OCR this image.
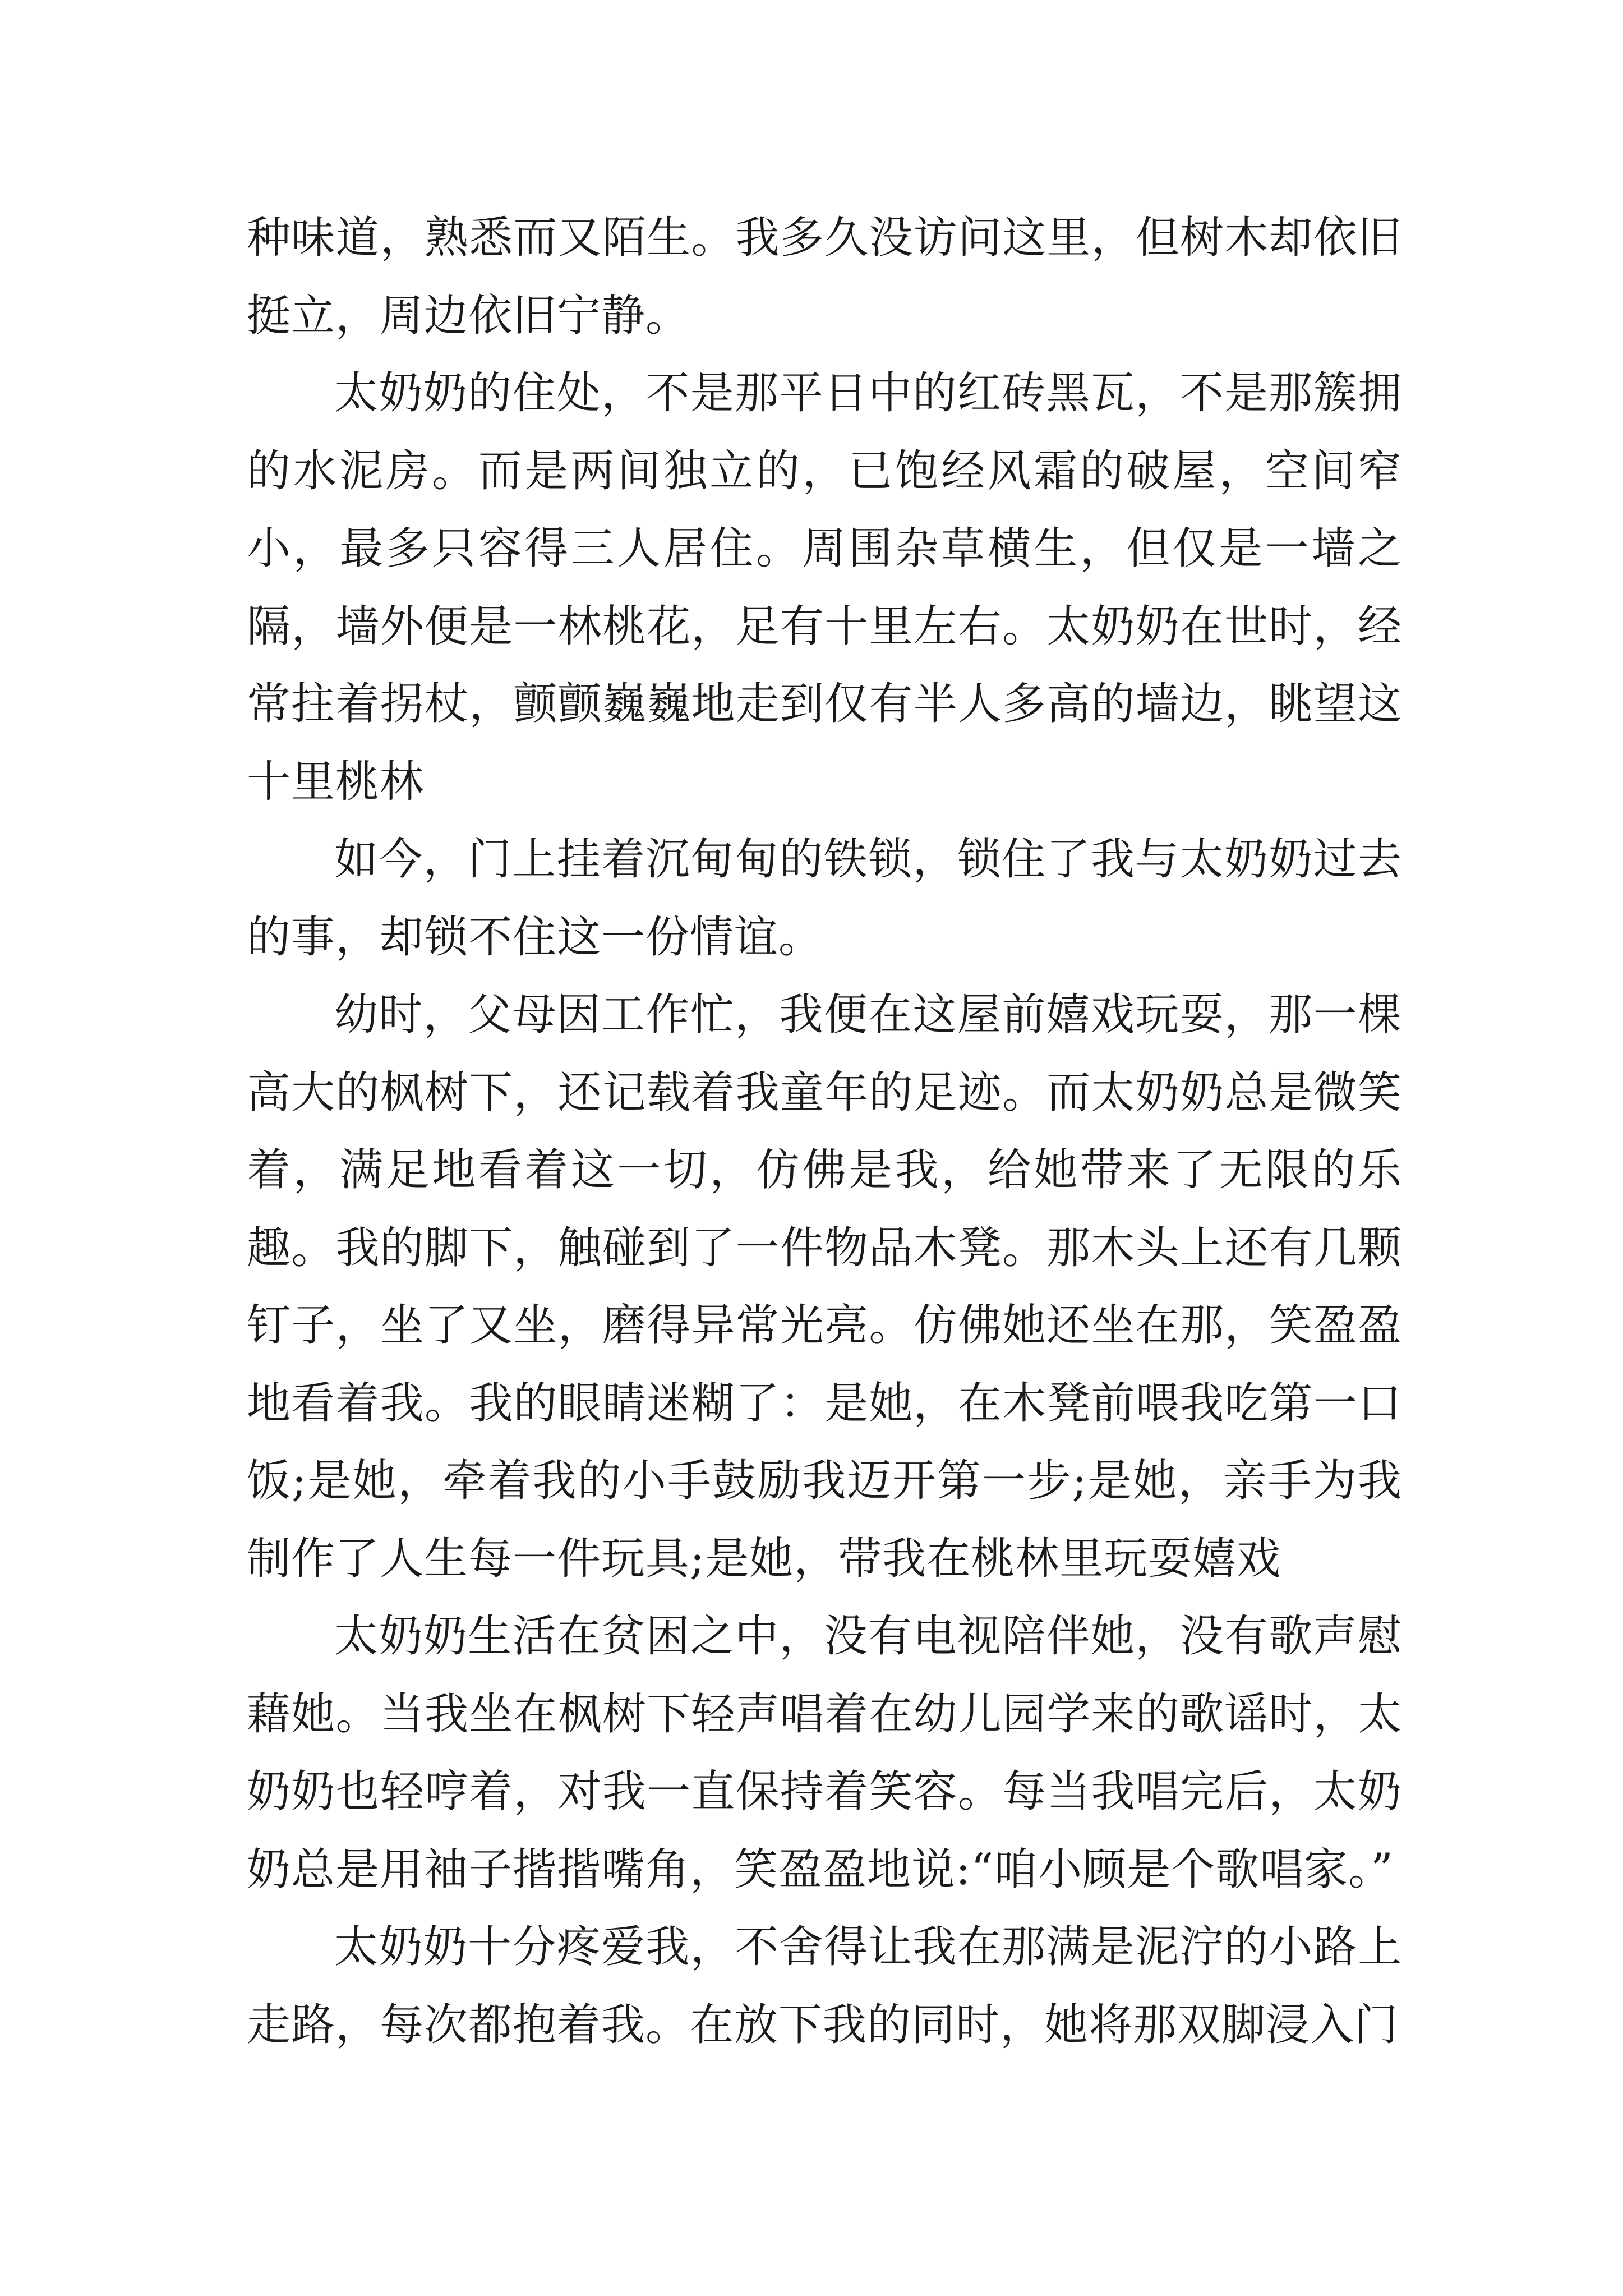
种味道，熟悉而又陌生。我多久没访问这里，但树木却依旧挺立，周边依旧宁静。

太奶奶的住处，不是那平日中的红砖黑瓦，不是那簇拥的水泥房。而是两间独立的，已饱经风霜的破屋，空间窄小，最多只容得三人居住。周围杂草横生，但仅是一墙之隔，墙外便是一林桃花，足有十里左右。太奶奶在世时，经常拄着拐杖，颤颤巍巍地走到仅有半人多高的墙边，眺望这十里桃林

如今，门上挂着沉甸甸的铁锁，锁住了我与太奶奶过去的事，却锁不住这一份情谊。

幼时，父母因工作忙，我便在这屋前嬉戏玩耍，那一棵高大的枫树下，还记载着我童年的足迹。而太奶奶总是微笑着，满足地看着这一切，仿佛是我，给她带来了无限的乐趣。我的脚下，触碰到了一件物品木凳。那木头上还有几颗钉子，坐了又坐，磨得异常光亮。仿佛她还坐在那，笑盈盈地看着我。我的眼睛迷糊了：是她，在木凳前喂我吃第一口饭;是她，牵着我的小手鼓励我迈开第一步;是她，亲手为我制作了人生每一件玩具;是她，带我在桃林里玩耍嬉戏

太奶奶生活在贫困之中，没有电视陪伴她，没有歌声慰藉她。当我坐在枫树下轻声唱着在幼儿园学来的歌谣时，太奶奶也轻哼着，对我一直保持着笑容。每当我唱完后，太奶奶总是用袖子揩揩嘴角，笑盈盈地说:“咱小顾是个歌唱家。”

太奶奶十分疼爱我，不舍得让我在那满是泥泞的小路上走路，每次都抱着我。在放下我的同时，她将那双脚浸入门
